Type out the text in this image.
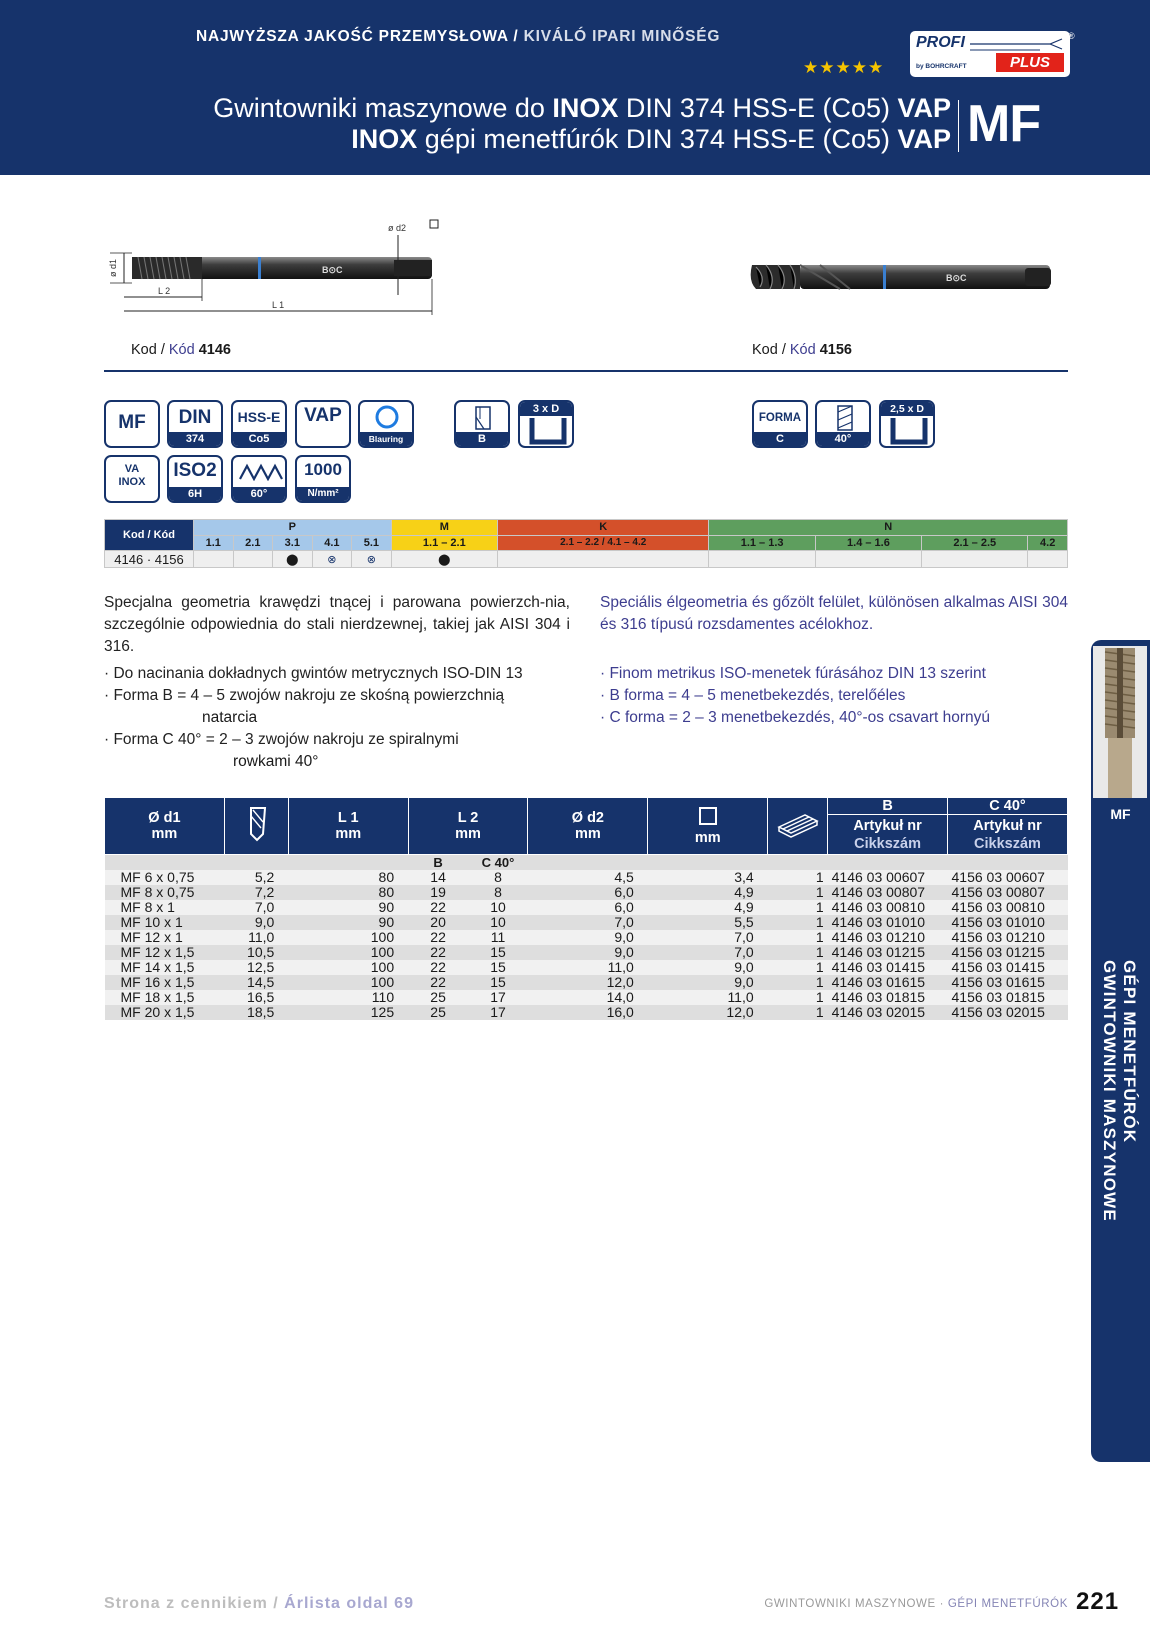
NAJWYŻSZA JAKOŚĆ PRZEMYSŁOWA / KIVÁLÓ IPARI MINŐSÉG
★★★★★
PROFI
by BOHRCRAFT	PLUS
®
Gwintowniki maszynowe do INOX DIN 374 HSS-E (Co5) VAP
INOX gépi menetfúrók DIN 374 HSS-E (Co5) VAP MF
B⊙C
ø d1
L 2
L 1
ø d2
Kod / Kód 4146
B⊙C
Kod / Kód 4156
MF	DIN
374
HSS-E
Co5
VAP
Blauring	B
3 x D
FORMA
C	40°
2,5 x D
VA
INOX
ISO2
6H	60°
1000
N/mm²
Kod / Kód	P					M	K	N			
	1.1	2.1	3.1	4.1	5.1	1.1 – 2.1	2.1 – 2.2 / 4.1 – 4.2	1.1 – 1.3	1.4 – 1.6	2.1 – 2.5	4.2
4146 · 4156			⬤	⊗	⊗	⬤					
Specjalna geometria krawędzi tnącej i parowana powierzch-nia, szczególnie odpowiednia do stali nierdzewnej, takiej jak AISI 304 i 316.
· Do nacinania dokładnych gwintów metrycznych ISO-DIN 13
· Forma B = 4 – 5 zwojów nakroju ze skośną powierzchnią
natarcia
· Forma C 40° = 2 – 3 zwojów nakroju ze spiralnymi
rowkami 40°
Speciális élgeometria és gőzölt felület, különösen alkalmas AISI 304 és 316 típusú rozsdamentes acélokhoz.
· Finom metrikus ISO-menetek fúrásához DIN 13 szerint
· B forma = 4 – 5 menetbekezdés, terelőéles
· C forma = 2 – 3 menetbekezdés, 40°-os csavart hornyú
Ø d1
mm		L 1
mm	L 2
mm		Ø d2
mm	mm		B	C 40°
								Artykuł nr
Cikkszám	Artykuł nr
Cikkszám
			B	C 40°					
MF 6 x 0,75	5,2	80	14	8	4,5	3,4	1	4146 03 00607	4156 03 00607
MF 8 x 0,75	7,2	80	19	8	6,0	4,9	1	4146 03 00807	4156 03 00807
MF 8 x 1	7,0	90	22	10	6,0	4,9	1	4146 03 00810	4156 03 00810
MF 10 x 1	9,0	90	20	10	7,0	5,5	1	4146 03 01010	4156 03 01010
MF 12 x 1	11,0	100	22	11	9,0	7,0	1	4146 03 01210	4156 03 01210
MF 12 x 1,5	10,5	100	22	15	9,0	7,0	1	4146 03 01215	4156 03 01215
MF 14 x 1,5	12,5	100	22	15	11,0	9,0	1	4146 03 01415	4156 03 01415
MF 16 x 1,5	14,5	100	22	15	12,0	9,0	1	4146 03 01615	4156 03 01615
MF 18 x 1,5	16,5	110	25	17	14,0	11,0	1	4146 03 01815	4156 03 01815
MF 20 x 1,5	18,5	125	25	17	16,0	12,0	1	4146 03 02015	4156 03 02015
MF
GWINTOWNIKI MASZYNOWE GÉPI MENETFÚRÓK
Strona z cennikiem / Árlista oldal 69	GWINTOWNIKI MASZYNOWE · GÉPI MENETFÚRÓK 221
